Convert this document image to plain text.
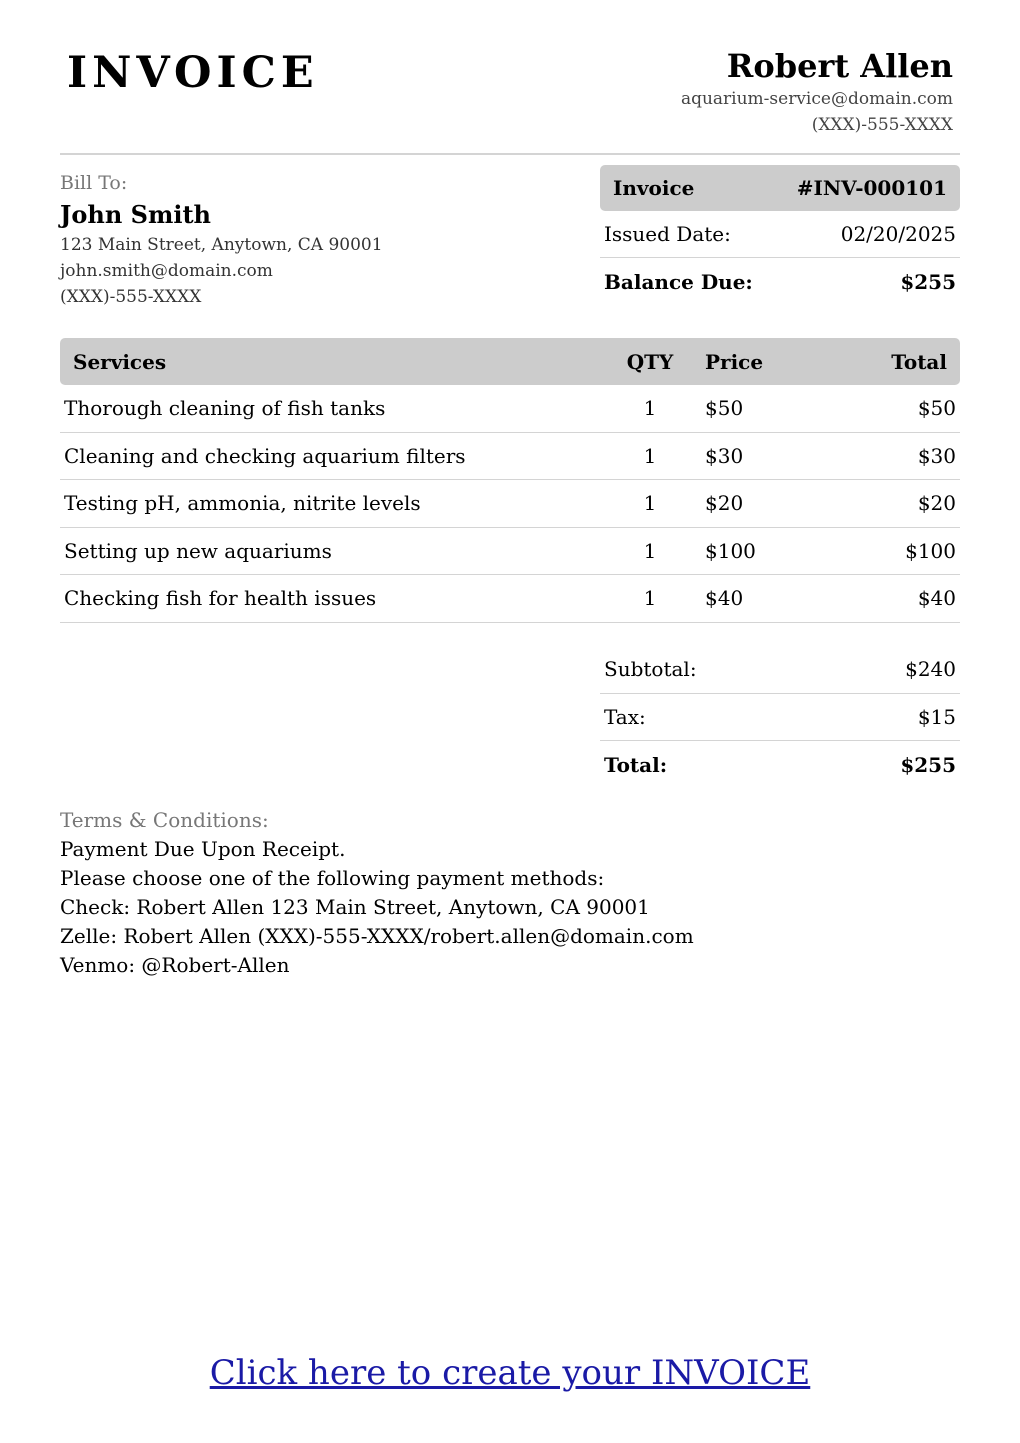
INVOICE	Robert Allen
aquarium-service@domain.com
(XXX)-555-XXXX
Bill To:
John Smith
123 Main Street, Anytown, CA 90001
john.smith@domain.com
(XXX)-555-XXXX
Invoice	#INV-000101
Issued Date:	02/20/2025
Balance Due:	$255
Services	QTY	Price	Total
Thorough cleaning of fish tanks	1	$50	$50
Cleaning and checking aquarium filters	1	$30	$30
Testing pH, ammonia, nitrite levels	1	$20	$20
Setting up new aquariums	1	$100	$100
Checking fish for health issues	1	$40	$40
Subtotal:	$240
Tax:	$15
Total:	$255
Terms & Conditions:
Payment Due Upon Receipt.
Please choose one of the following payment methods:
Check: Robert Allen 123 Main Street, Anytown, CA 90001
Zelle: Robert Allen (XXX)-555-XXXX/robert.allen@domain.com
Venmo: @Robert-Allen
Click here to create your INVOICE
